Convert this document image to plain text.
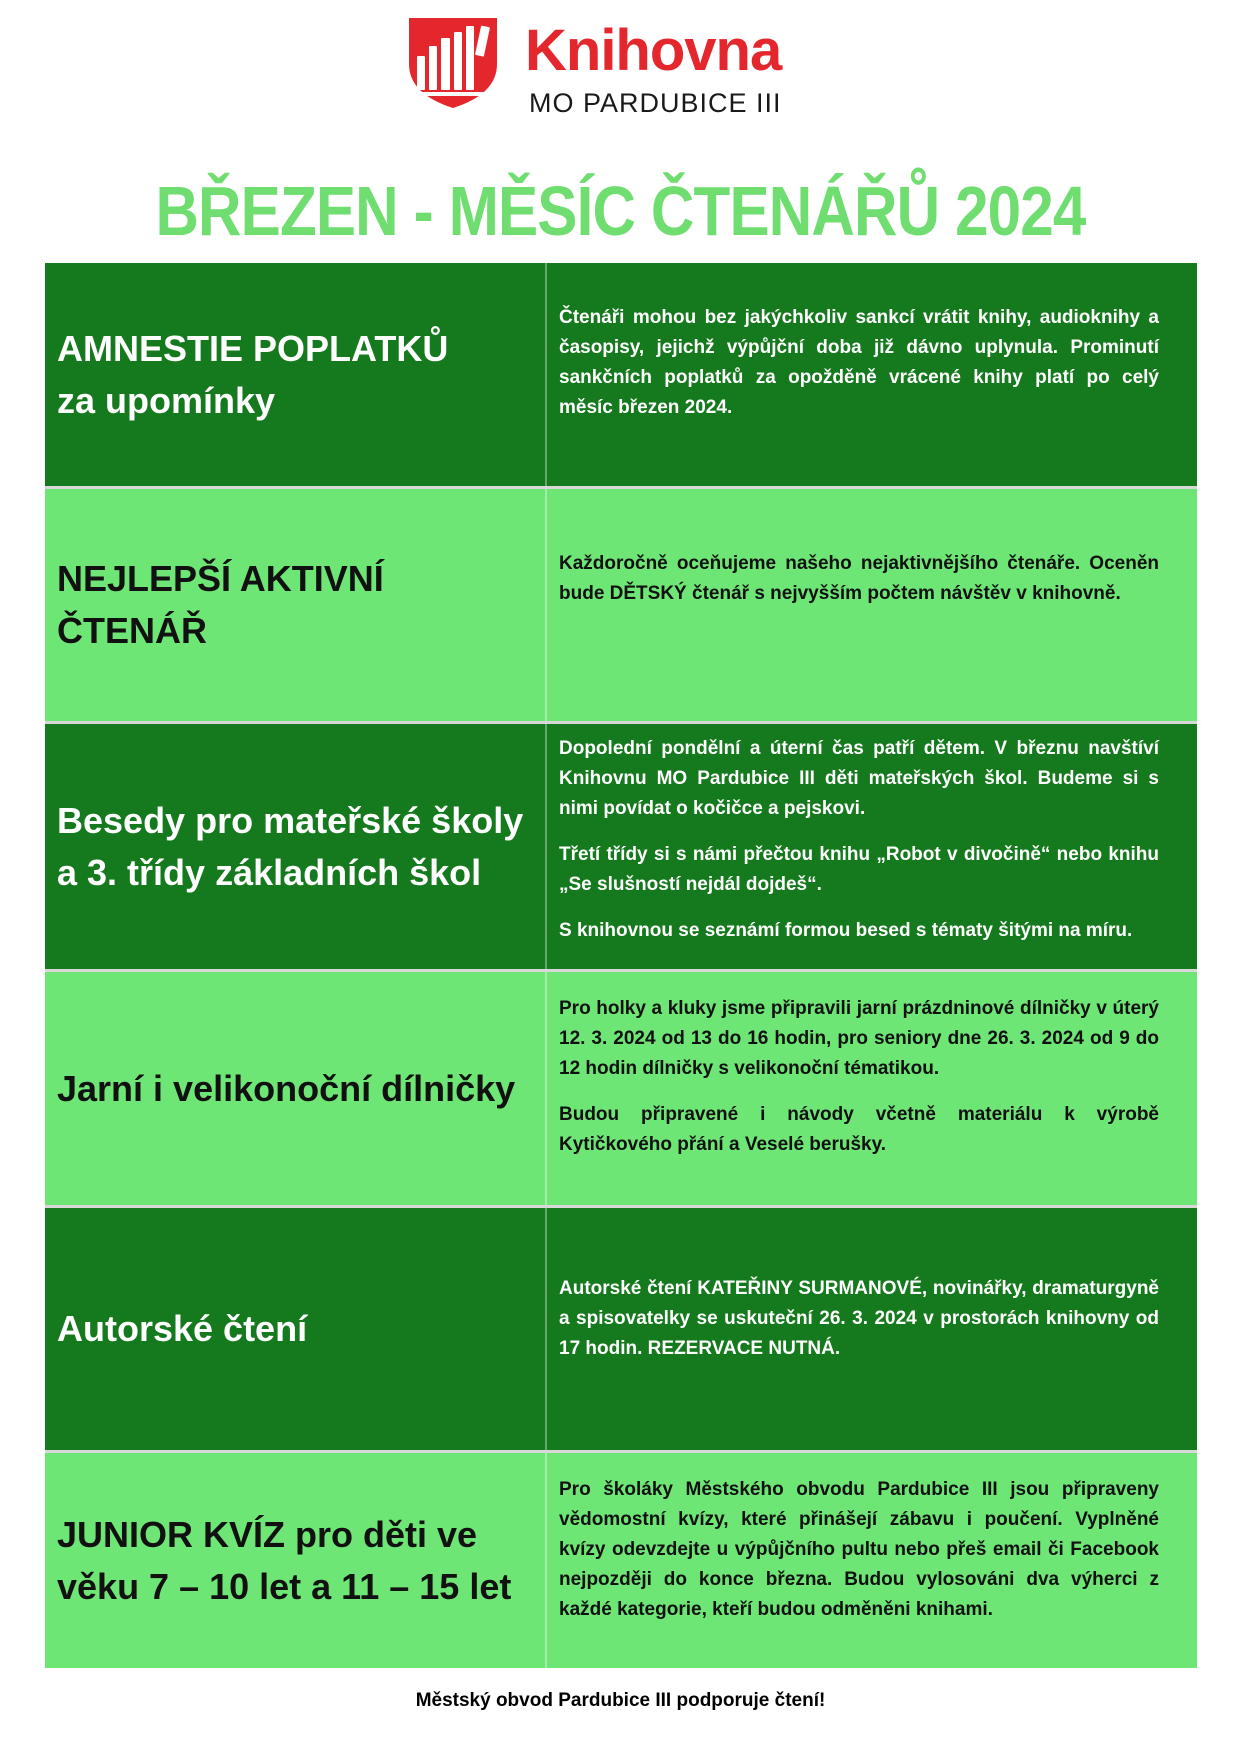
Knihovna
MO PARDUBICE III
BŘEZEN - MĚSÍC ČTENÁŘŮ 2024
AMNESTIE POPLATKŮ
za upomínky

Čtenáři mohou bez jakýchkoliv sankcí vrátit knihy, audioknihy a časopisy, jejichž výpůjční doba již dávno uplynula. Prominutí sankčních poplatků za opožděně vrácené knihy platí po celý měsíc březen 2024.

NEJLEPŠÍ AKTIVNÍ ČTENÁŘ

Každoročně oceňujeme našeho nejaktivnějšího čtenáře. Oceněn bude DĚTSKÝ čtenář s nejvyšším počtem návštěv v knihovně.

Besedy pro mateřské školy
a 3. třídy základních škol

Dopolední pondělní a úterní čas patří dětem. V březnu navštíví Knihovnu MO Pardubice III děti mateřských škol. Budeme si s nimi povídat o kočičce a pejskovi.

Třetí třídy si s námi přečtou knihu „Robot v divočině“ nebo knihu „Se slušností nejdál dojdeš“.

S knihovnou se seznámí formou besed s tématy šitými na míru.

Jarní i velikonoční dílničky

Pro holky a kluky jsme připravili jarní prázdninové dílničky v úterý 12. 3. 2024 od 13 do 16 hodin, pro seniory dne 26. 3. 2024 od 9 do 12 hodin dílničky s velikonoční tématikou.

Budou připravené i návody včetně materiálu k výrobě Kytičkového přání a Veselé berušky.

Autorské čtení

Autorské čtení KATEŘINY SURMANOVÉ, novinářky, dramaturgyně a spisovatelky se uskuteční 26. 3. 2024 v prostorách knihovny od 17 hodin. REZERVACE NUTNÁ.

JUNIOR KVÍZ pro děti ve
věku 7 – 10 let a 11 – 15 let

Pro školáky Městského obvodu Pardubice III jsou připraveny vědomostní kvízy, které přinášejí zábavu i poučení. Vyplněné kvízy odevzdejte u výpůjčního pultu nebo přeš email či Facebook nejpozději do konce března. Budou vylosováni dva výherci z každé kategorie, kteří budou odměněni knihami.

Městský obvod Pardubice III podporuje čtení!
